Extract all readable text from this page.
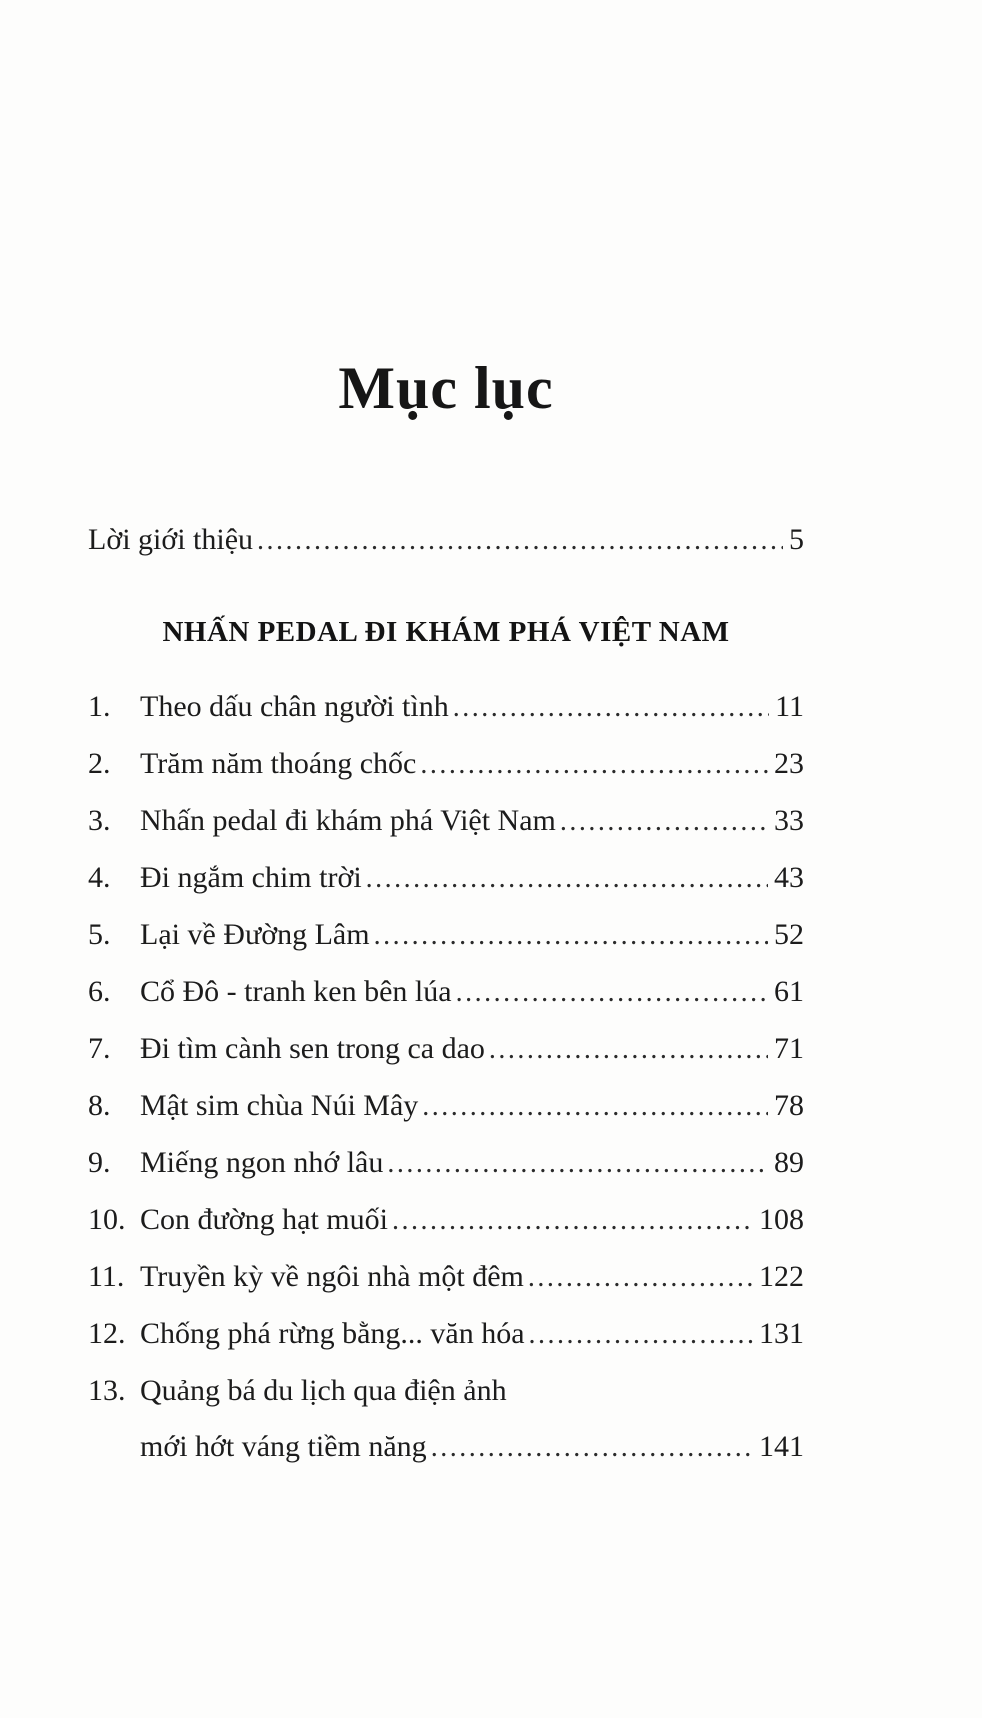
Mục lục
Lời giới thiệu .....	5
NHẤN PEDAL ĐI KHÁM PHÁ VIỆT NAM
1. Theo dấu chân người tình .....	11
2. Trăm năm thoáng chốc .....	23
3. Nhấn pedal đi khám phá Việt Nam .....	33
4. Đi ngắm chim trời .....	43
5. Lại về Đường Lâm .....	52
6. Cổ Đô - tranh ken bên lúa .....	61
7. Đi tìm cành sen trong ca dao .....	71
8. Mật sim chùa Núi Mây .....	78
9. Miếng ngon nhớ lâu .....	89
10. Con đường hạt muối .....	108
11. Truyền kỳ về ngôi nhà một đêm .....	122
12. Chống phá rừng bằng... văn hóa .....	131
13. Quảng bá du lịch qua điện ảnh
mới hớt váng tiềm năng .....	141
